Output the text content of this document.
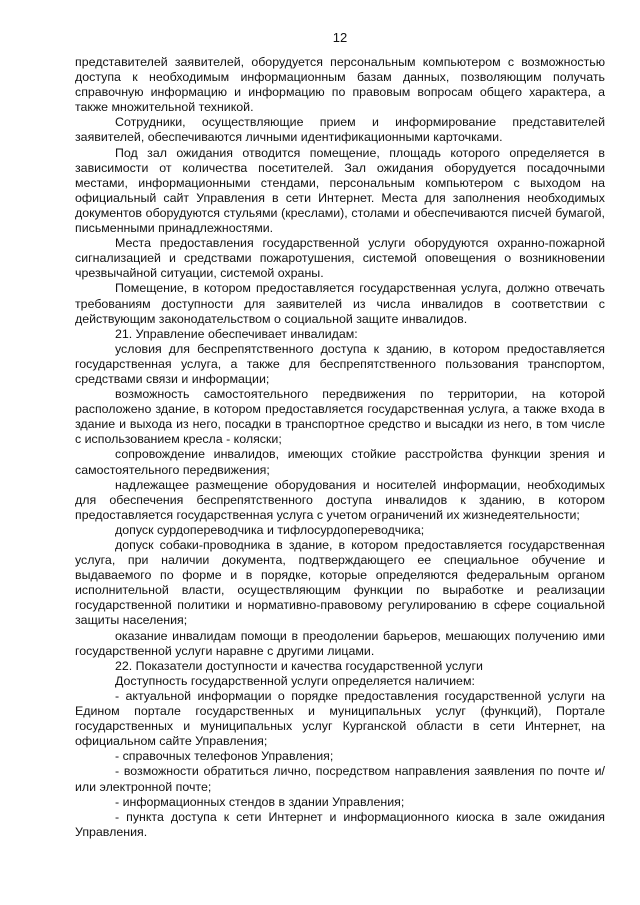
12

представителей заявителей, оборудуется персональным компьютером с возможностью доступа к необходимым информационным базам данных, позволяющим получать справочную информацию и информацию по правовым вопросам общего характера, а также множительной техникой.

Сотрудники, осуществляющие прием и информирование представителей заявителей, обеспечиваются личными идентификационными карточками.

Под зал ожидания отводится помещение, площадь которого определяется в зависимости от количества посетителей. Зал ожидания оборудуется посадочными местами, информационными стендами, персональным компьютером с выходом на официальный сайт Управления в сети Интернет. Места для заполнения необходимых документов оборудуются стульями (креслами), столами и обеспечиваются писчей бумагой, письменными принадлежностями.

Места предоставления государственной услуги оборудуются охранно-пожарной сигнализацией и средствами пожаротушения, системой оповещения о возникновении чрезвычайной ситуации, системой охраны.

Помещение, в котором предоставляется государственная услуга, должно отвечать требованиям доступности для заявителей из числа инвалидов в соответствии с действующим законодательством о социальной защите инвалидов.

21. Управление обеспечивает инвалидам:

условия для беспрепятственного доступа к зданию, в котором предоставляется государственная услуга, а также для беспрепятственного пользования транспортом, средствами связи и информации;

возможность самостоятельного передвижения по территории, на которой расположено здание, в котором предоставляется государственная услуга, а также входа в здание и выхода из него, посадки в транспортное средство и высадки из него, в том числе с использованием кресла - коляски;

сопровождение инвалидов, имеющих стойкие расстройства функции зрения и самостоятельного передвижения;

надлежащее размещение оборудования и носителей информации, необходимых для обеспечения беспрепятственного доступа инвалидов к зданию, в котором предоставляется государственная услуга с учетом ограничений их жизнедеятельности;

допуск сурдопереводчика и тифлосурдопереводчика;

допуск собаки-проводника в здание, в котором предоставляется государственная услуга, при наличии документа, подтверждающего ее специальное обучение и выдаваемого по форме и в порядке, которые определяются федеральным органом исполнительной власти, осуществляющим функции по выработке и реализации государственной политики и нормативно-правовому регулированию в сфере социальной защиты населения;

оказание инвалидам помощи в преодолении барьеров, мешающих получению ими государственной услуги наравне с другими лицами.

22. Показатели доступности и качества государственной услуги

Доступность государственной услуги определяется наличием:

- актуальной информации о порядке предоставления государственной услуги на Едином портале государственных и муниципальных услуг (функций), Портале государственных и муниципальных услуг Курганской области в сети Интернет, на официальном сайте Управления;

- справочных телефонов Управления;

- возможности обратиться лично, посредством направления заявления по почте и/или электронной почте;

- информационных стендов в здании Управления;

- пункта доступа к сети Интернет и информационного киоска в зале ожидания Управления.
